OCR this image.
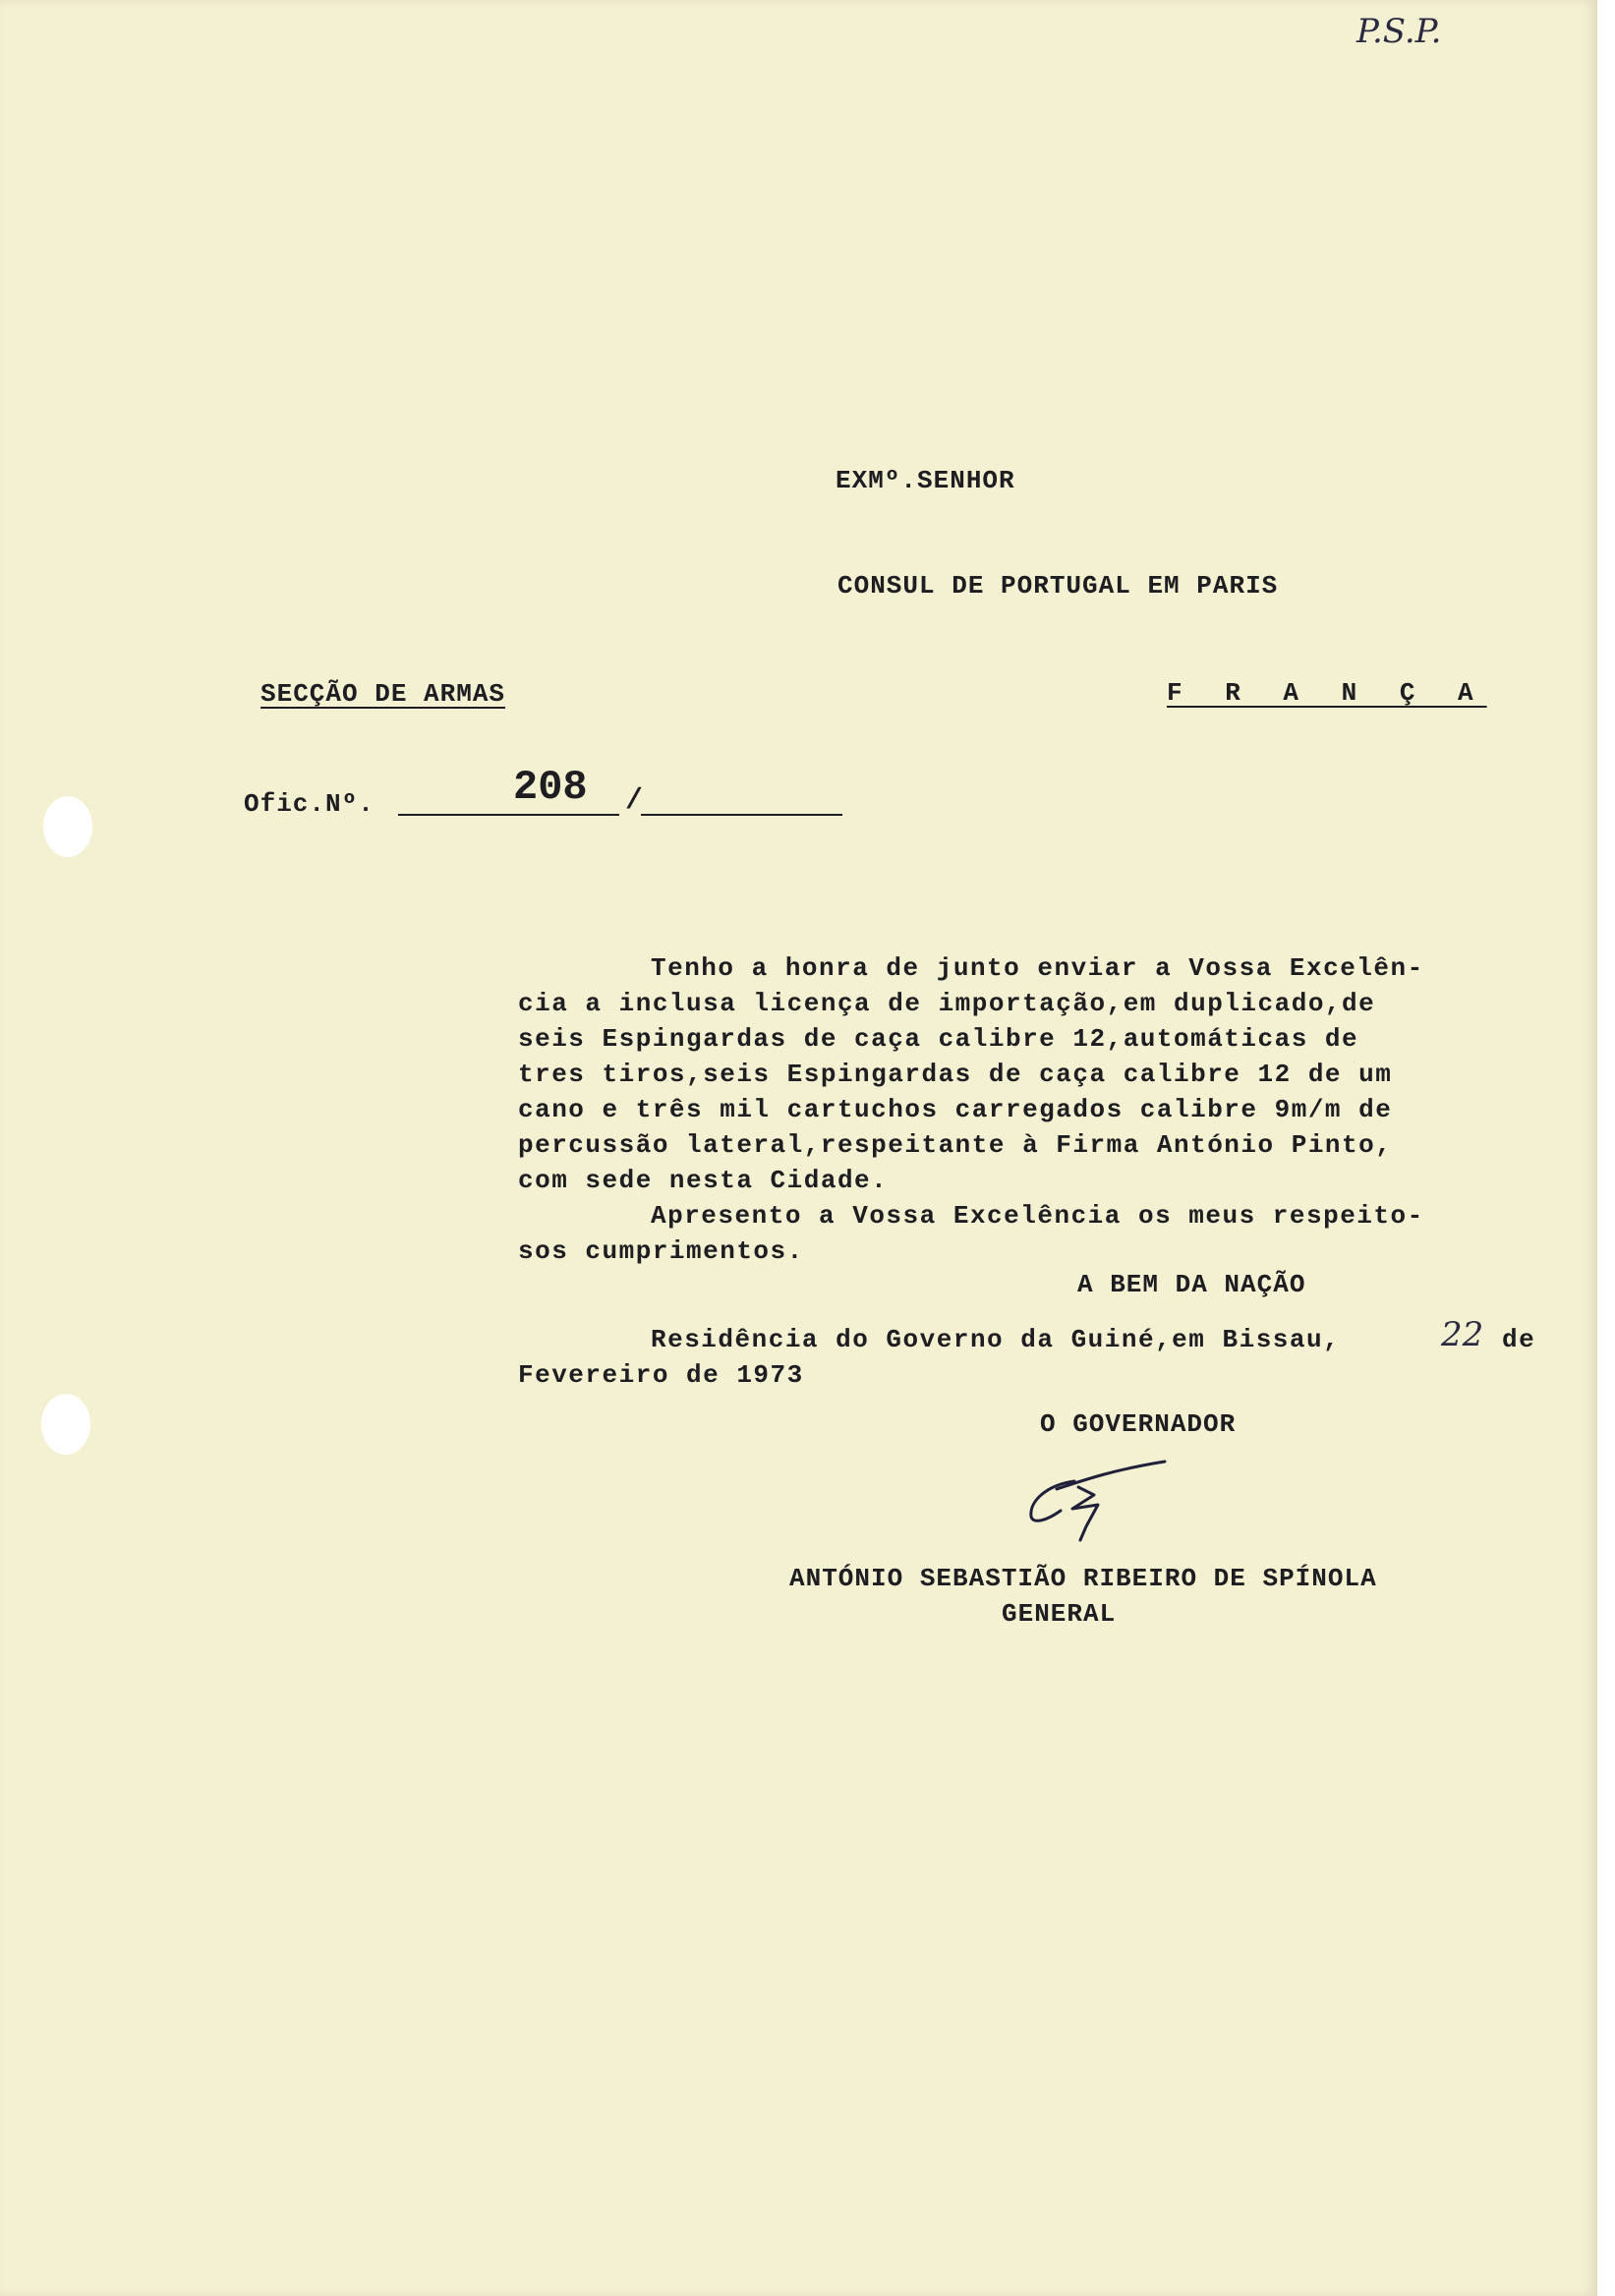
P.S.P.
EXMº.SENHOR
CONSUL DE PORTUGAL EM PARIS
SECÇÃO DE ARMAS	F R A N Ç A
Ofic.Nº.	208 /
Tenho a honra de junto enviar a Vossa Excelên-
cia a inclusa licença de importação,em duplicado,de
seis Espingardas de caça calibre 12,automáticas de
tres tiros,seis Espingardas de caça calibre 12 de um
cano e três mil cartuchos carregados calibre 9m/m de
percussão lateral,respeitante à Firma António Pinto,
com sede nesta Cidade.
Apresento a Vossa Excelência os meus respeito-
sos cumprimentos.
A BEM DA NAÇÃO
Residência do Governo da Guiné,em Bissau,	22 de
Fevereiro de 1973
O GOVERNADOR
ANTÓNIO SEBASTIÃO RIBEIRO DE SPÍNOLA
GENERAL
